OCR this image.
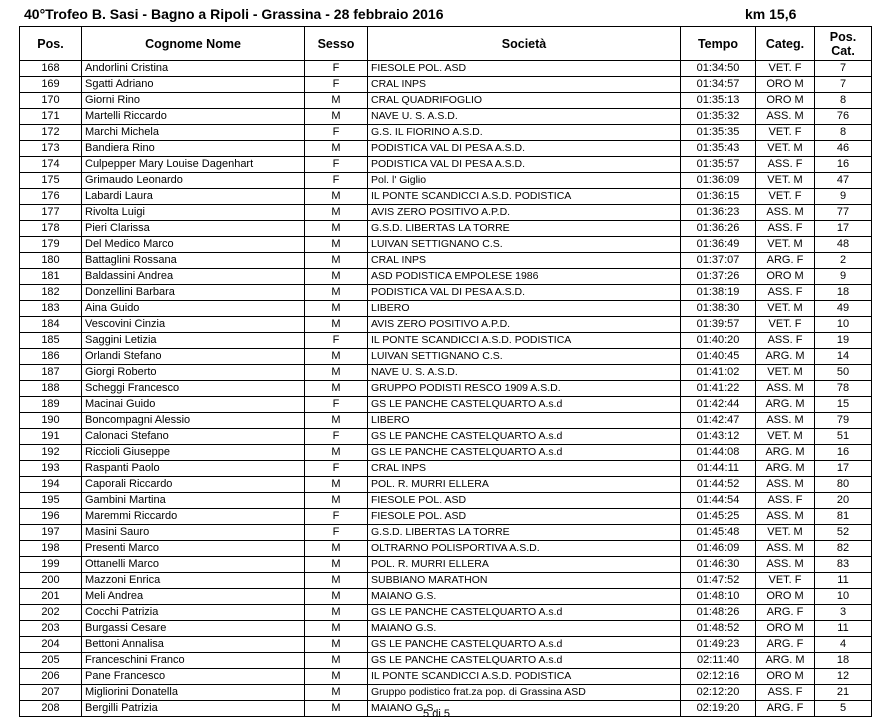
40°Trofeo B. Sasi - Bagno a Ripoli - Grassina - 28 febbraio 2016	km 15,6
Pos.	Cognome Nome	Sesso	Società	Tempo	Categ.	Pos. Cat.
168	Andorlini Cristina	F	FIESOLE POL. ASD	01:34:50	VET. F	7
169	Sgatti Adriano	F	CRAL INPS	01:34:57	ORO M	7
170	Giorni Rino	M	CRAL QUADRIFOGLIO	01:35:13	ORO M	8
171	Martelli Riccardo	M	NAVE U. S. A.S.D.	01:35:32	ASS. M	76
172	Marchi Michela	F	G.S. IL FIORINO A.S.D.	01:35:35	VET. F	8
173	Bandiera Rino	M	PODISTICA VAL DI PESA A.S.D.	01:35:43	VET. M	46
174	Culpepper Mary Louise Dagenhart	F	PODISTICA VAL DI PESA A.S.D.	01:35:57	ASS. F	16
175	Grimaudo Leonardo	F	Pol. l' Giglio	01:36:09	VET. M	47
176	Labardi Laura	M	IL PONTE SCANDICCI A.S.D. PODISTICA	01:36:15	VET. F	9
177	Rivolta Luigi	M	AVIS ZERO POSITIVO A.P.D.	01:36:23	ASS. M	77
178	Pieri Clarissa	M	G.S.D. LIBERTAS LA TORRE	01:36:26	ASS. F	17
179	Del Medico Marco	M	LUIVAN SETTIGNANO C.S.	01:36:49	VET. M	48
180	Battaglini Rossana	M	CRAL INPS	01:37:07	ARG. F	2
181	Baldassini Andrea	M	ASD PODISTICA EMPOLESE 1986	01:37:26	ORO M	9
182	Donzellini Barbara	M	PODISTICA VAL DI PESA A.S.D.	01:38:19	ASS. F	18
183	Aina Guido	M	LIBERO	01:38:30	VET. M	49
184	Vescovini Cinzia	M	AVIS ZERO POSITIVO A.P.D.	01:39:57	VET. F	10
185	Saggini Letizia	F	IL PONTE SCANDICCI A.S.D. PODISTICA	01:40:20	ASS. F	19
186	Orlandi Stefano	M	LUIVAN SETTIGNANO C.S.	01:40:45	ARG. M	14
187	Giorgi Roberto	M	NAVE U. S. A.S.D.	01:41:02	VET. M	50
188	Scheggi Francesco	M	GRUPPO PODISTI RESCO 1909 A.S.D.	01:41:22	ASS. M	78
189	Macinai Guido	F	GS LE PANCHE CASTELQUARTO A.s.d	01:42:44	ARG. M	15
190	Boncompagni Alessio	M	LIBERO	01:42:47	ASS. M	79
191	Calonaci Stefano	F	GS LE PANCHE CASTELQUARTO A.s.d	01:43:12	VET. M	51
192	Riccioli Giuseppe	M	GS LE PANCHE CASTELQUARTO A.s.d	01:44:08	ARG. M	16
193	Raspanti Paolo	F	CRAL INPS	01:44:11	ARG. M	17
194	Caporali Riccardo	M	POL. R. MURRI ELLERA	01:44:52	ASS. M	80
195	Gambini Martina	M	FIESOLE POL. ASD	01:44:54	ASS. F	20
196	Maremmi Riccardo	F	FIESOLE POL. ASD	01:45:25	ASS. M	81
197	Masini Sauro	F	G.S.D. LIBERTAS LA TORRE	01:45:48	VET. M	52
198	Presenti Marco	M	OLTRARNO POLISPORTIVA A.S.D.	01:46:09	ASS. M	82
199	Ottanelli Marco	M	POL. R. MURRI ELLERA	01:46:30	ASS. M	83
200	Mazzoni Enrica	M	SUBBIANO MARATHON	01:47:52	VET. F	11
201	Meli Andrea	M	MAIANO G.S.	01:48:10	ORO M	10
202	Cocchi Patrizia	M	GS LE PANCHE CASTELQUARTO A.s.d	01:48:26	ARG. F	3
203	Burgassi Cesare	M	MAIANO G.S.	01:48:52	ORO M	11
204	Bettoni Annalisa	M	GS LE PANCHE CASTELQUARTO A.s.d	01:49:23	ARG. F	4
205	Franceschini Franco	M	GS LE PANCHE CASTELQUARTO A.s.d	02:11:40	ARG. M	18
206	Pane Francesco	M	IL PONTE SCANDICCI A.S.D. PODISTICA	02:12:16	ORO M	12
207	Migliorini Donatella	M	Gruppo podistico frat.za pop. di Grassina ASD	02:12:20	ASS. F	21
208	Bergilli Patrizia	M	MAIANO G.S.	02:19:20	ARG. F	5
5 di 5
